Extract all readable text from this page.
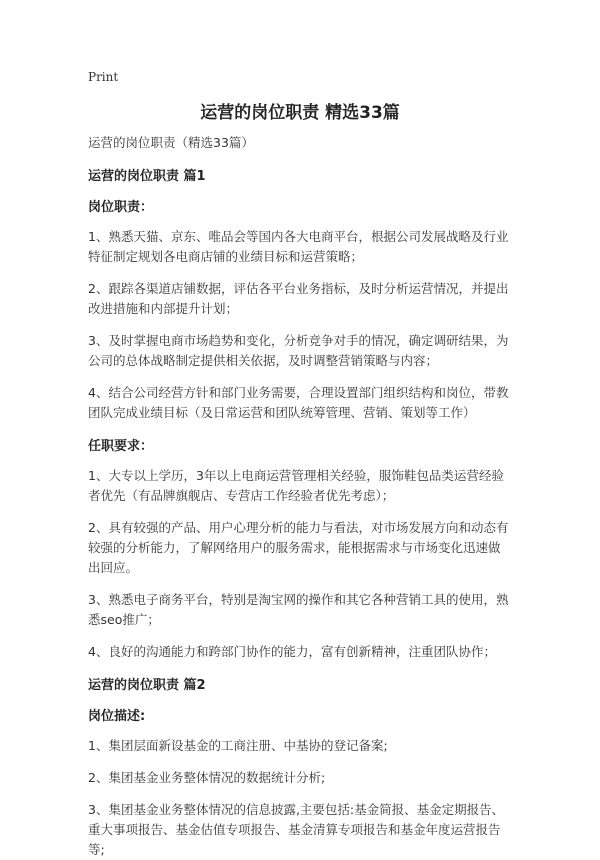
Print
运营的岗位职责 精选33篇
运营的岗位职责（精选33篇）
运营的岗位职责 篇1
岗位职责：
1、熟悉天猫、京东、唯品会等国内各大电商平台，根据公司发展战略及行业特征制定规划各电商店铺的业绩目标和运营策略；
2、跟踪各渠道店铺数据，评估各平台业务指标，及时分析运营情况，并提出改进措施和内部提升计划；
3、及时掌握电商市场趋势和变化，分析竞争对手的情况，确定调研结果，为公司的总体战略制定提供相关依据，及时调整营销策略与内容；
4、结合公司经营方针和部门业务需要，合理设置部门组织结构和岗位，带教团队完成业绩目标（及日常运营和团队统筹管理、营销、策划等工作）
任职要求：
1、大专以上学历，3年以上电商运营管理相关经验，服饰鞋包品类运营经验者优先（有品牌旗舰店、专营店工作经验者优先考虑）；
2、具有较强的产品、用户心理分析的能力与看法，对市场发展方向和动态有较强的分析能力，了解网络用户的服务需求，能根据需求与市场变化迅速做出回应。
3、熟悉电子商务平台，特别是淘宝网的操作和其它各种营销工具的使用，熟悉seo推广；
4、良好的沟通能力和跨部门协作的能力，富有创新精神，注重团队协作；
运营的岗位职责 篇2
岗位描述:
1、集团层面新设基金的工商注册、中基协的登记备案;
2、集团基金业务整体情况的数据统计分析;
3、集团基金业务整体情况的信息披露,主要包括:基金简报、基金定期报告、重大事项报告、基金估值专项报告、基金清算专项报告和基金年度运营报告等;
